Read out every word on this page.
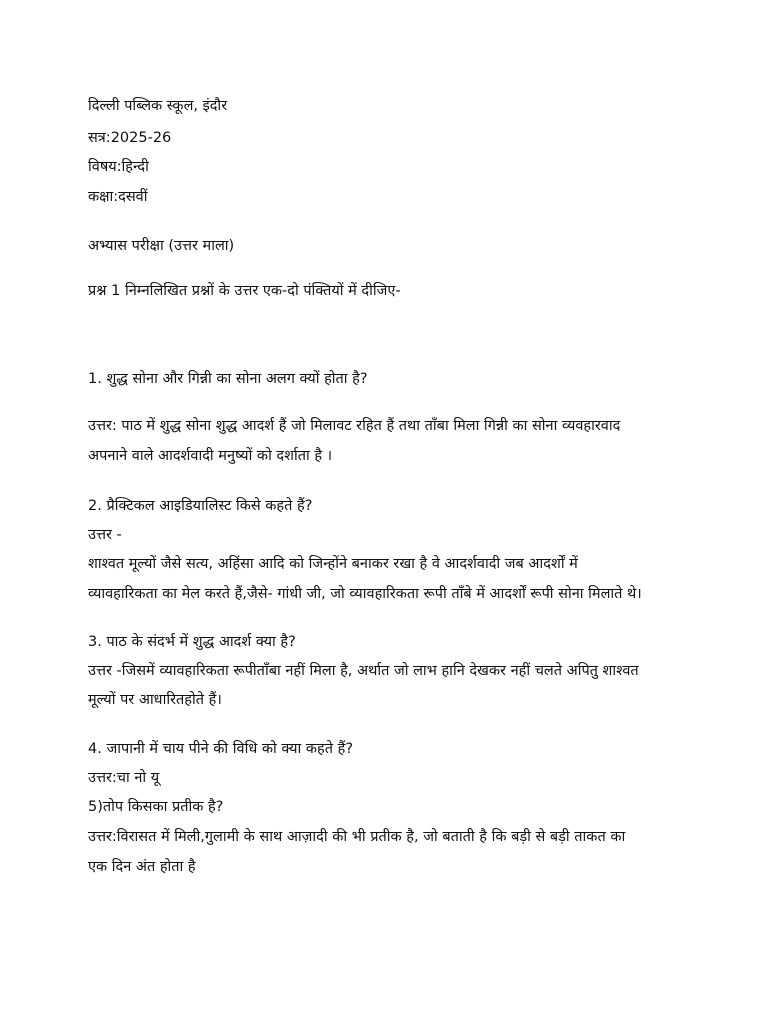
दिल्ली पब्लिक स्कूल, इंदौर
सत्र:2025-26
विषय:हिन्दी
कक्षा:दसवीं
अभ्यास परीक्षा (उत्तर माला)
प्रश्न 1 निम्नलिखित प्रश्नों के उत्तर एक-दो पंक्तियों में दीजिए-
1. शुद्ध सोना और गिन्नी का सोना अलग क्यों होता है?
उत्तर: पाठ में शुद्ध सोना शुद्ध आदर्श हैं जो मिलावट रहित हैं तथा ताँबा मिला गिन्नी का सोना व्यवहारवाद
अपनाने वाले आदर्शवादी मनुष्यों को दर्शाता है ।
2. प्रैक्टिकल आइडियालिस्ट किसे कहते हैं?
उत्तर -
शाश्वत मूल्यों जैसे सत्य, अहिंसा आदि को जिन्होंने बनाकर रखा है वे आदर्शवादी जब आदर्शों में
व्यावहारिकता का मेल करते हैं,जैसे- गांधी जी, जो व्यावहारिकता रूपी ताँबे में आदर्शों रूपी सोना मिलाते थे।
3. पाठ के संदर्भ में शुद्ध आदर्श क्या है?
उत्तर -जिसमें व्यावहारिकता रूपीताँबा नहीं मिला है, अर्थात जो लाभ हानि देखकर नहीं चलते अपितु शाश्वत
मूल्यों पर आधारितहोते हैं।
4. जापानी में चाय पीने की विधि को क्या कहते हैं?
उत्तर:चा नो यू
5)तोप किसका प्रतीक है?
उत्तर:विरासत में मिली,गुलामी के साथ आज़ादी की भी प्रतीक है, जो बताती है कि बड़ी से बड़ी ताकत का
एक दिन अंत होता है
